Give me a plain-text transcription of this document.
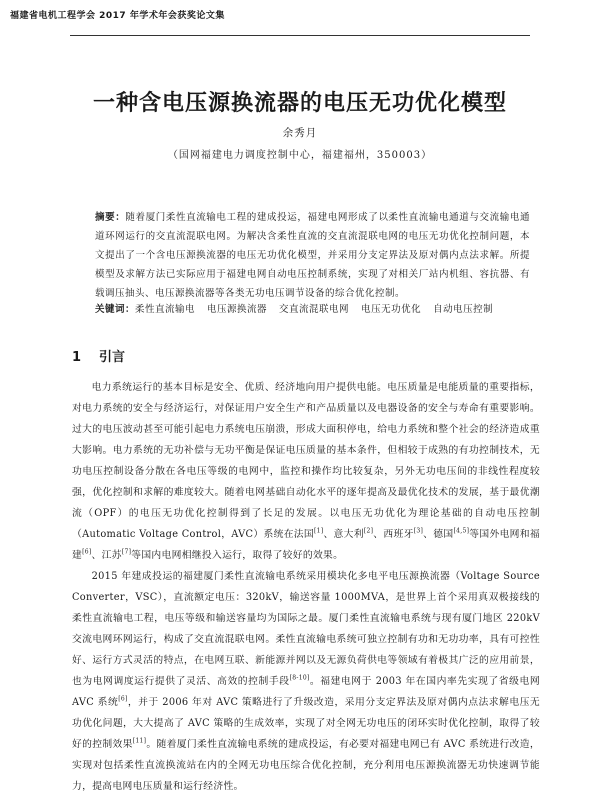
福建省电机工程学会 2017 年学术年会获奖论文集
一种含电压源换流器的电压无功优化模型
余秀月
（国网福建电力调度控制中心，福建福州，350003）
摘要：随着厦门柔性直流输电工程的建成投运，福建电网形成了以柔性直流输电通道与交流输电通道环网运行的交直流混联电网。为解决含柔性直流的交直流混联电网的电压无功优化控制问题，本文提出了一个含电压源换流器的电压无功优化模型，并采用分支定界法及原对偶内点法求解。所提模型及求解方法已实际应用于福建电网自动电压控制系统，实现了对相关厂站内机组、容抗器、有载调压抽头、电压源换流器等各类无功电压调节设备的综合优化控制。
关键词：柔性直流输电 电压源换流器 交直流混联电网 电压无功优化 自动电压控制
1 引言

电力系统运行的基本目标是安全、优质、经济地向用户提供电能。电压质量是电能质量的重要指标，对电力系统的安全与经济运行，对保证用户安全生产和产品质量以及电器设备的安全与寿命有重要影响。过大的电压波动甚至可能引起电力系统电压崩溃，形成大面积停电，给电力系统和整个社会的经济造成重大影响。电力系统的无功补偿与无功平衡是保证电压质量的基本条件，但相较于成熟的有功控制技术，无功电压控制设备分散在各电压等级的电网中，监控和操作均比较复杂，另外无功电压间的非线性程度较强，优化控制和求解的难度较大。随着电网基础自动化水平的逐年提高及最优化技术的发展，基于最优潮流（OPF）的电压无功优化控制得到了长足的发展。以电压无功优化为理论基础的自动电压控制（Automatic Voltage Control，AVC）系统在法国[1]、意大利[2]、西班牙[3]、德国[4,5]等国外电网和福建[6]、江苏[7]等国内电网相继投入运行，取得了较好的效果。

2015 年建成投运的福建厦门柔性直流输电系统采用模块化多电平电压源换流器（Voltage Source Converter，VSC），直流额定电压：320kV，输送容量 1000MVA，是世界上首个采用真双极接线的柔性直流输电工程，电压等级和输送容量均为国际之最。厦门柔性直流输电系统与现有厦门地区 220kV 交流电网环网运行，构成了交直流混联电网。柔性直流输电系统可独立控制有功和无功功率，具有可控性好、运行方式灵活的特点，在电网互联、新能源并网以及无源负荷供电等领域有着极其广泛的应用前景，也为电网调度运行提供了灵活、高效的控制手段[8-10]。福建电网于 2003 年在国内率先实现了省级电网 AVC 系统[6]，并于 2006 年对 AVC 策略进行了升级改造，采用分支定界法及原对偶内点法求解电压无功优化问题，大大提高了 AVC 策略的生成效率，实现了对全网无功电压的闭环实时优化控制，取得了较好的控制效果[11]。随着厦门柔性直流输电系统的建成投运，有必要对福建电网已有 AVC 系统进行改造，实现对包括柔性直流换流站在内的全网无功电压综合优化控制，充分利用电压源换流器无功快速调节能力，提高电网电压质量和运行经济性。
